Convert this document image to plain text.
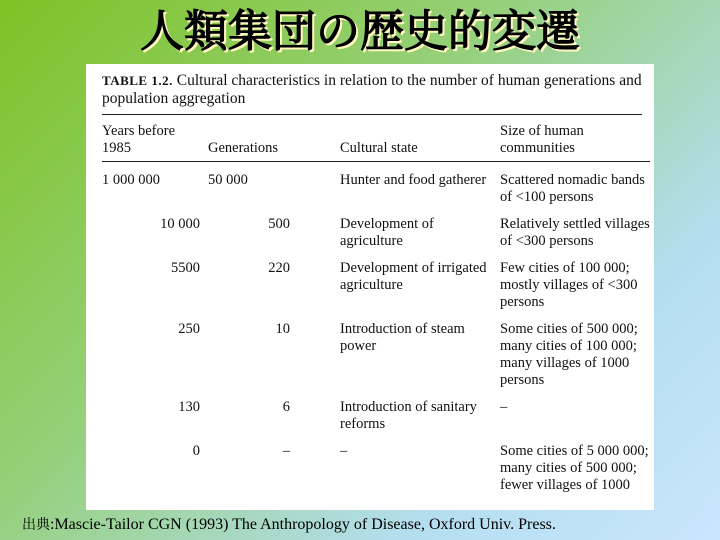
人類集団の歴史的変遷

TABLE 1.2. Cultural characteristics in relation to the number of human generations and population aggregation

Years before 1985	Generations	Cultural state	Size of human communities

1 000 000	50 000	Hunter and food gatherer	Scattered nomadic bands of <100 persons
10 000	500	Development of agriculture	Relatively settled villages of <300 persons
5500	220	Development of irrigated agriculture	Few cities of 100 000; mostly villages of <300 persons
250	10	Introduction of steam power	Some cities of 500 000; many cities of 100 000; many villages of 1000 persons
130	6	Introduction of sanitary reforms	–
0	–	–	Some cities of 5 000 000; many cities of 500 000; fewer villages of 1000
出典:Mascie-Tailor CGN (1993) The Anthropology of Disease, Oxford Univ. Press.
